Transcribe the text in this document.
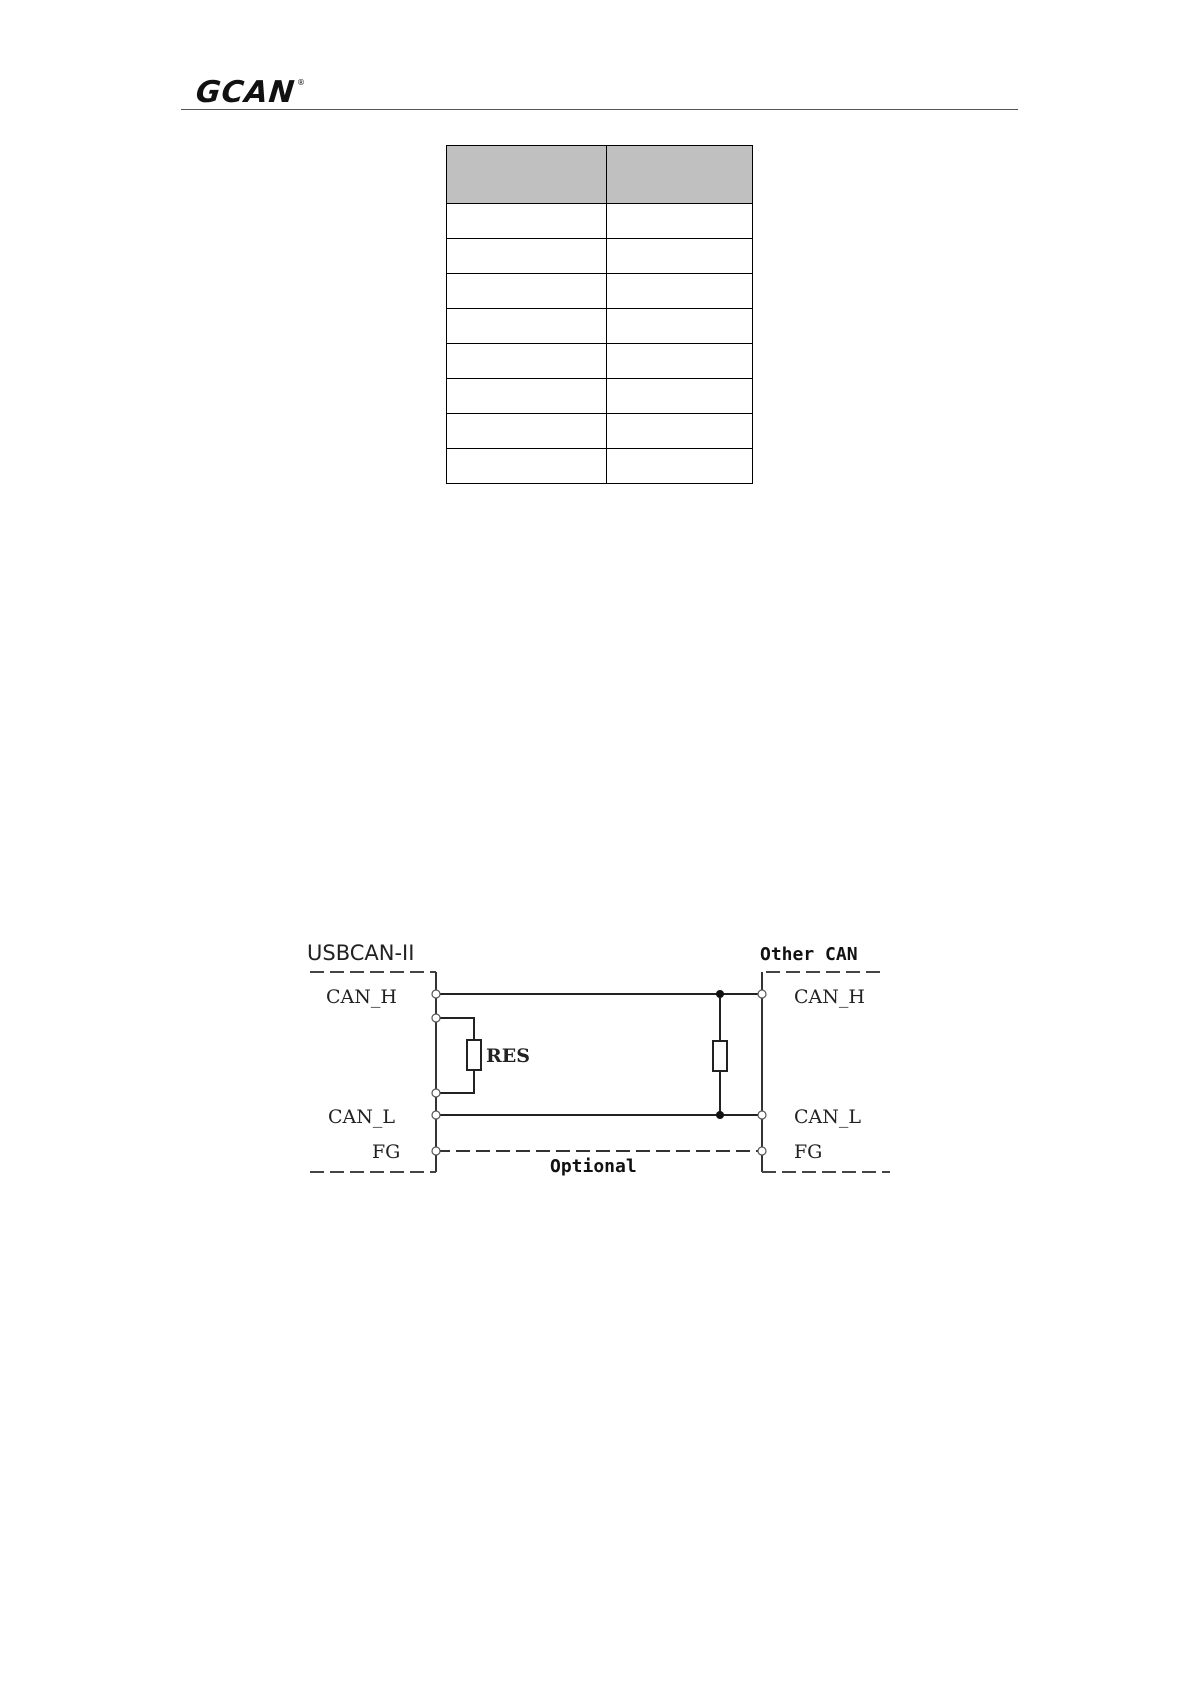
GCAN ®

USBCAN-II	Other CAN
CAN_H
CAN_L
FG
CAN_H
CAN_L
FG
RES
Optional
